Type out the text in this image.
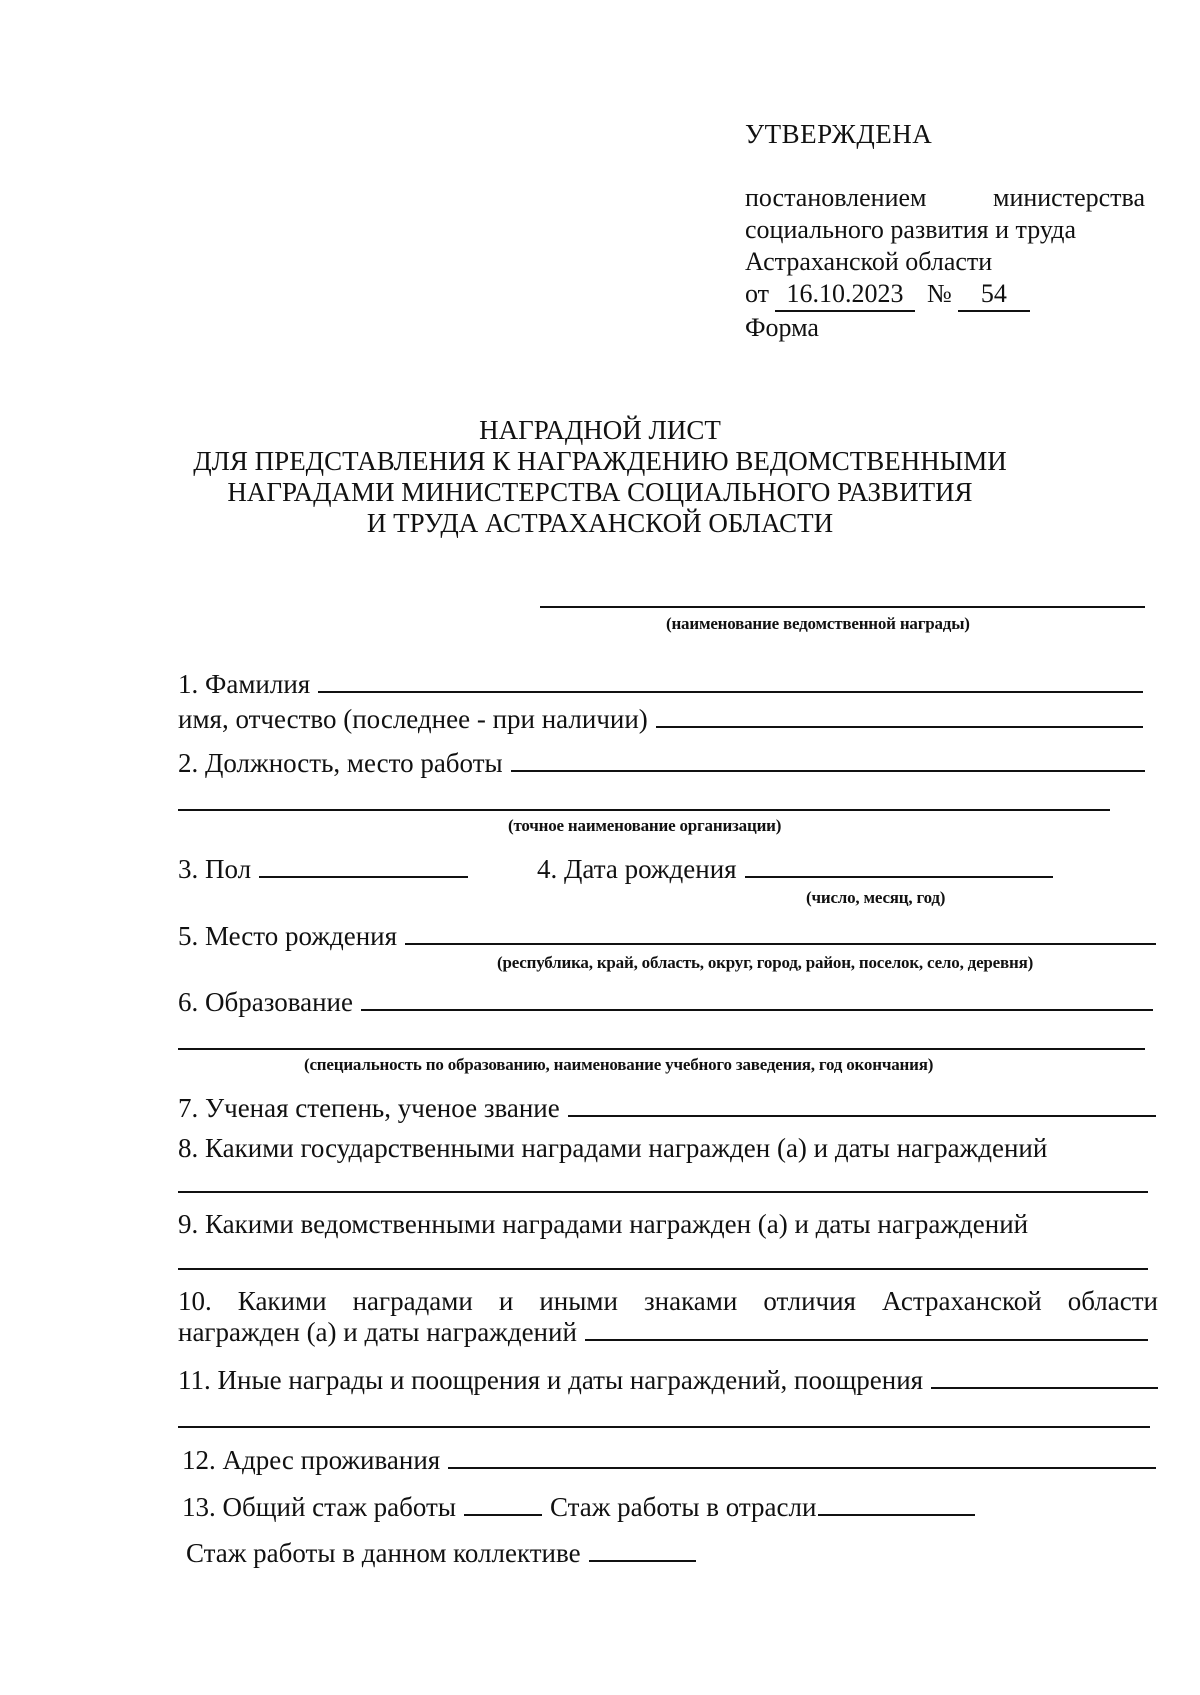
УТВЕРЖДЕНА
постановлением	министерства
социального развития и труда
Астраханской области
от 16.10.2023 №	54
Форма
НАГРАДНОЙ ЛИСТ
ДЛЯ ПРЕДСТАВЛЕНИЯ К НАГРАЖДЕНИЮ ВЕДОМСТВЕННЫМИ
НАГРАДАМИ МИНИСТЕРСТВА СОЦИАЛЬНОГО РАЗВИТИЯ
И ТРУДА АСТРАХАНСКОЙ ОБЛАСТИ
(наименование ведомственной награды)
1. Фамилия
имя, отчество (последнее - при наличии)
2. Должность, место работы
(точное наименование организации)
3. Пол	4. Дата рождения
(число, месяц, год)
5. Место рождения
(республика, край, область, округ, город, район, поселок, село, деревня)
6. Образование
(специальность по образованию, наименование учебного заведения, год окончания)
7. Ученая степень, ученое звание
8. Какими государственными наградами награжден (а) и даты награждений
9. Какими ведомственными наградами награжден (а) и даты награждений
10. Какими наградами и иными знаками отличия Астраханской области
награжден (а) и даты награждений
11. Иные награды и поощрения и даты награждений, поощрения
12. Адрес проживания
13. Общий стаж работы	Стаж работы в отрасли
Стаж работы в данном коллективе
